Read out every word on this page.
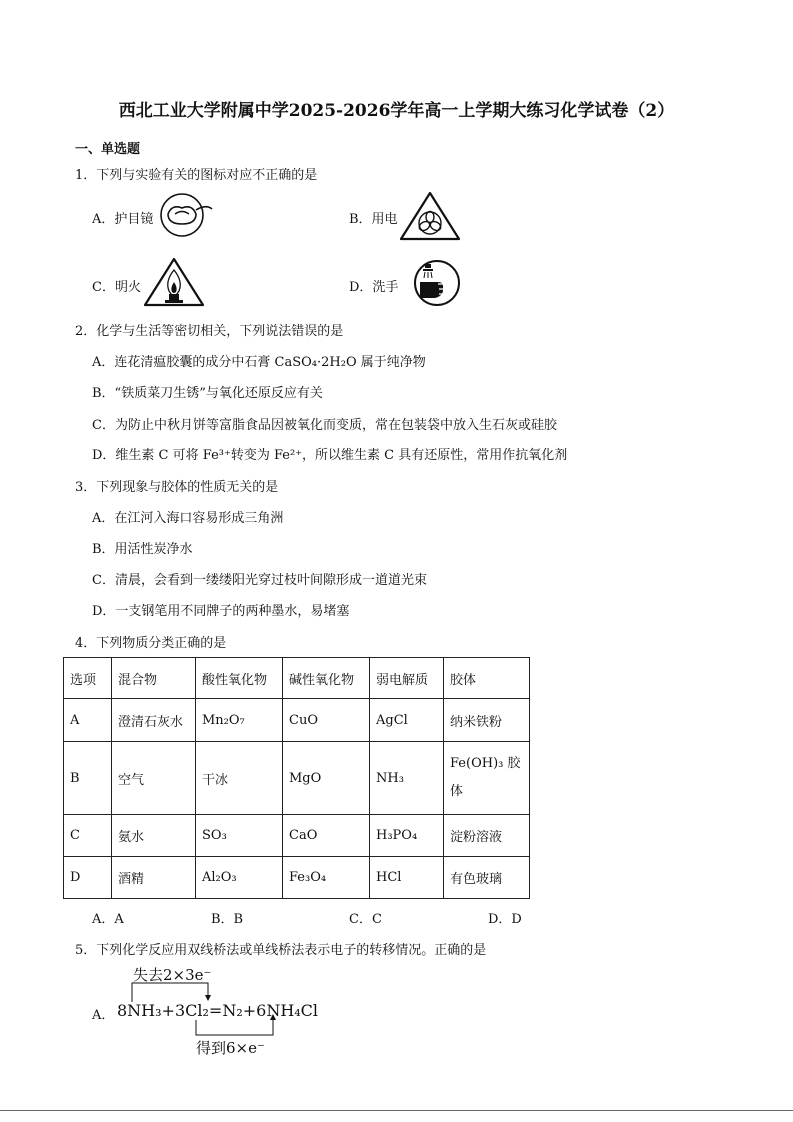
西北工业大学附属中学2025-2026学年高一上学期大练习化学试卷（2）
一、单选题
1．下列与实验有关的图标对应不正确的是
A．护目镜	B．用电
C．明火	D．洗手
2．化学与生活等密切相关，下列说法错误的是
A．连花清瘟胶囊的成分中石膏 CaSO₄·2H₂O 属于纯净物
B．“铁质菜刀生锈”与氧化还原反应有关
C．为防止中秋月饼等富脂食品因被氧化而变质，常在包装袋中放入生石灰或硅胶
D．维生素 C 可将 Fe³⁺转变为 Fe²⁺，所以维生素 C 具有还原性，常用作抗氧化剂
3．下列现象与胶体的性质无关的是
A．在江河入海口容易形成三角洲
B．用活性炭净水
C．清晨，会看到一缕缕阳光穿过枝叶间隙形成一道道光束
D．一支钢笔用不同牌子的两种墨水，易堵塞
4．下列物质分类正确的是
选项	混合物	酸性氧化物	碱性氧化物	弱电解质	胶体
A	澄清石灰水	Mn₂O₇	CuO	AgCl	纳米铁粉
B	空气	干冰	MgO	NH₃	Fe(OH)₃ 胶体
C	氨水	SO₃	CaO	H₃PO₄	淀粉溶液
D	酒精	Al₂O₃	Fe₃O₄	HCl	有色玻璃
A．A	B．B	C．C	D．D
5．下列化学反应用双线桥法或单线桥法表示电子的转移情况。正确的是
A．
失去2×3e⁻
8NH₃+3Cl₂=N₂+6NH₄Cl
得到6×e⁻
